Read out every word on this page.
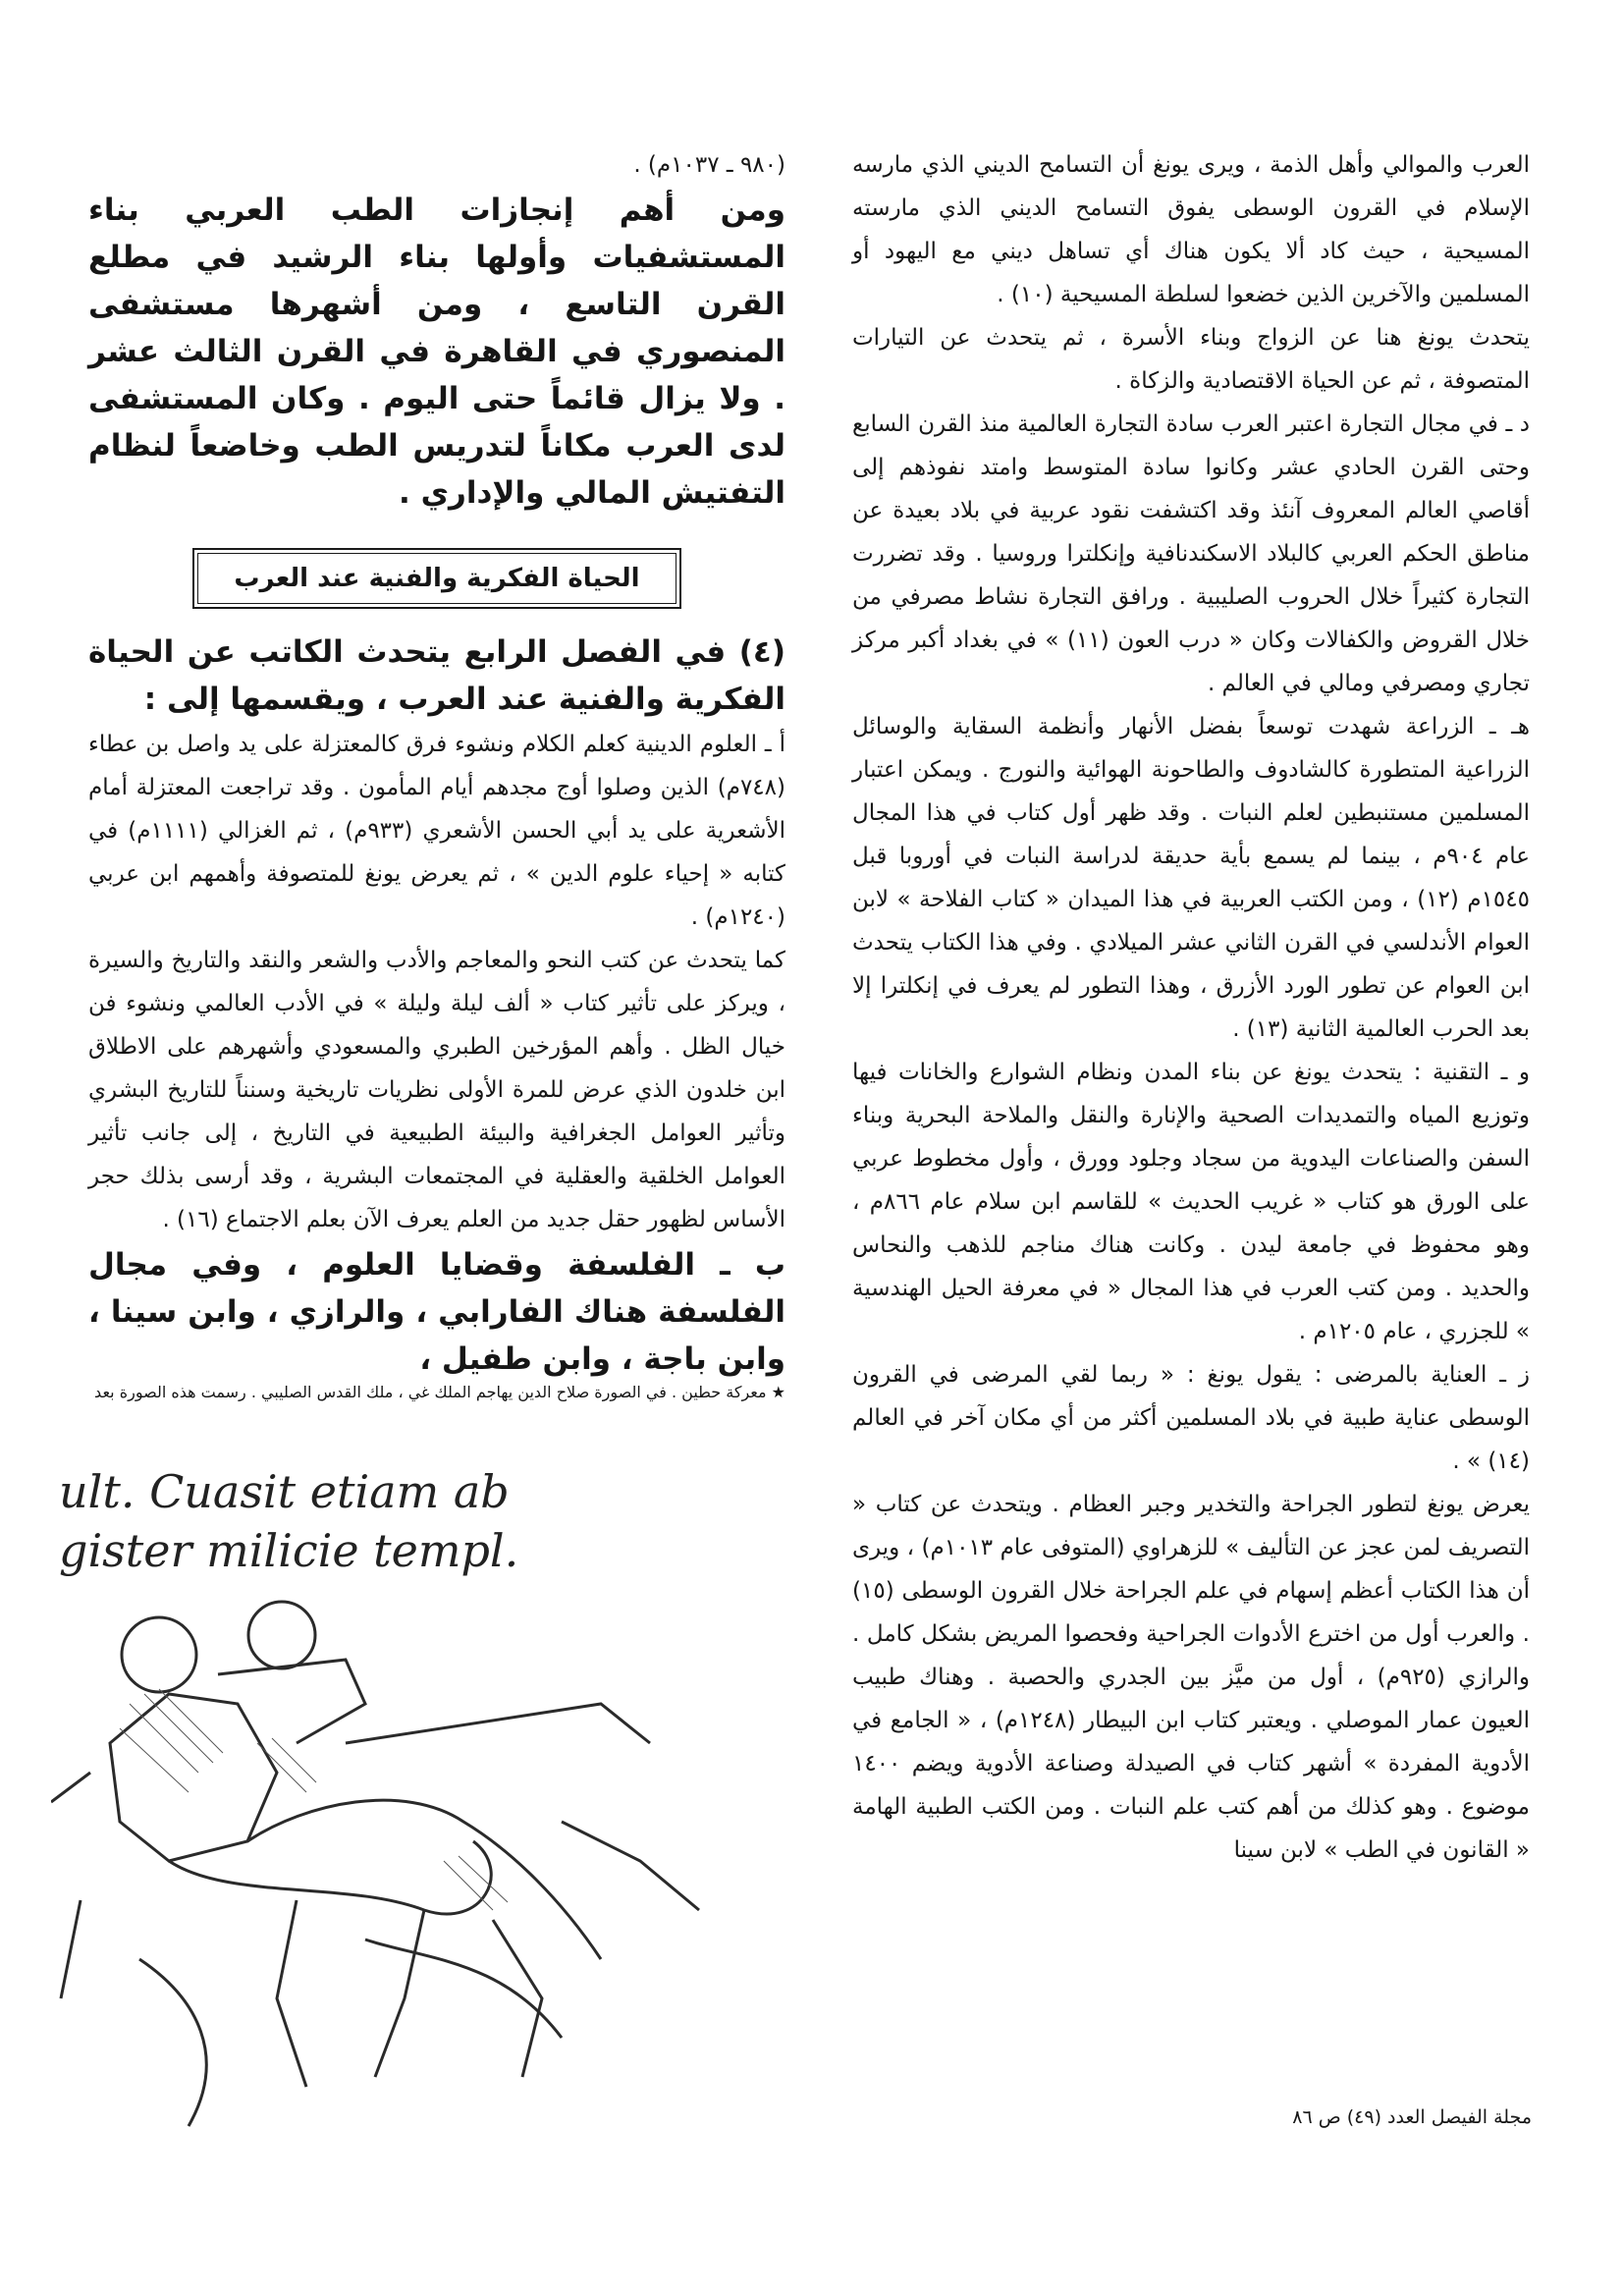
العرب والموالي وأهل الذمة ، ويرى يونغ أن التسامح الديني الذي مارسه الإسلام في القرون الوسطى يفوق التسامح الديني الذي مارسته المسيحية ، حيث كاد ألا يكون هناك أي تساهل ديني مع اليهود أو المسلمين والآخرين الذين خضعوا لسلطة المسيحية (١٠) .

يتحدث يونغ هنا عن الزواج وبناء الأسرة ، ثم يتحدث عن التيارات المتصوفة ، ثم عن الحياة الاقتصادية والزكاة .

د ـ في مجال التجارة اعتبر العرب سادة التجارة العالمية منذ القرن السابع وحتى القرن الحادي عشر وكانوا سادة المتوسط وامتد نفوذهم إلى أقاصي العالم المعروف آنئذ وقد اكتشفت نقود عربية في بلاد بعيدة عن مناطق الحكم العربي كالبلاد الاسكندنافية وإنكلترا وروسيا . وقد تضررت التجارة كثيراً خلال الحروب الصليبية . ورافق التجارة نشاط مصرفي من خلال القروض والكفالات وكان « درب العون (١١) » في بغداد أكبر مركز تجاري ومصرفي ومالي في العالم .

هـ ـ الزراعة شهدت توسعاً بفضل الأنهار وأنظمة السقاية والوسائل الزراعية المتطورة كالشادوف والطاحونة الهوائية والنورج . ويمكن اعتبار المسلمين مستنبطين لعلم النبات . وقد ظهر أول كتاب في هذا المجال عام ٩٠٤م ، بينما لم يسمع بأية حديقة لدراسة النبات في أوروبا قبل ١٥٤٥م (١٢) ، ومن الكتب العربية في هذا الميدان « كتاب الفلاحة » لابن العوام الأندلسي في القرن الثاني عشر الميلادي . وفي هذا الكتاب يتحدث ابن العوام عن تطور الورد الأزرق ، وهذا التطور لم يعرف في إنكلترا إلا بعد الحرب العالمية الثانية (١٣) .

و ـ التقنية : يتحدث يونغ عن بناء المدن ونظام الشوارع والخانات فيها وتوزيع المياه والتمديدات الصحية والإنارة والنقل والملاحة البحرية وبناء السفن والصناعات اليدوية من سجاد وجلود وورق ، وأول مخطوط عربي على الورق هو كتاب « غريب الحديث » للقاسم ابن سلام عام ٨٦٦م ، وهو محفوظ في جامعة ليدن . وكانت هناك مناجم للذهب والنحاس والحديد . ومن كتب العرب في هذا المجال « في معرفة الحيل الهندسية » للجزري ، عام ١٢٠٥م .

ز ـ العناية بالمرضى : يقول يونغ : « ربما لقي المرضى في القرون الوسطى عناية طبية في بلاد المسلمين أكثر من أي مكان آخر في العالم (١٤) » .

يعرض يونغ لتطور الجراحة والتخدير وجبر العظام . ويتحدث عن كتاب « التصريف لمن عجز عن التأليف » للزهراوي (المتوفى عام ١٠١٣م) ، ويرى أن هذا الكتاب أعظم إسهام في علم الجراحة خلال القرون الوسطى (١٥) . والعرب أول من اخترع الأدوات الجراحية وفحصوا المريض بشكل كامل . والرازي (٩٢٥م) ، أول من ميَّز بين الجدري والحصبة . وهناك طبيب العيون عمار الموصلي . ويعتبر كتاب ابن البيطار (١٢٤٨م) ، « الجامع في الأدوية المفردة » أشهر كتاب في الصيدلة وصناعة الأدوية ويضم ١٤٠٠ موضوع . وهو كذلك من أهم كتب علم النبات . ومن الكتب الطبية الهامة « القانون في الطب » لابن سينا

(٩٨٠ ـ ١٠٣٧م) .

ومن أهم إنجازات الطب العربي بناء المستشفيات وأولها بناء الرشيد في مطلع القرن التاسع ، ومن أشهرها مستشفى المنصوري في القاهرة في القرن الثالث عشر . ولا يزال قائماً حتى اليوم . وكان المستشفى لدى العرب مكاناً لتدريس الطب وخاضعاً لنظام التفتيش المالي والإداري .

الحياة الفكرية والفنية عند العرب

(٤) في الفصل الرابع يتحدث الكاتب عن الحياة الفكرية والفنية عند العرب ، ويقسمها إلى :

أ ـ العلوم الدينية كعلم الكلام ونشوء فرق كالمعتزلة على يد واصل بن عطاء (٧٤٨م) الذين وصلوا أوج مجدهم أيام المأمون . وقد تراجعت المعتزلة أمام الأشعرية على يد أبي الحسن الأشعري (٩٣٣م) ، ثم الغزالي (١١١١م) في كتابه « إحياء علوم الدين » ، ثم يعرض يونغ للمتصوفة وأهمهم ابن عربي (١٢٤٠م) .

كما يتحدث عن كتب النحو والمعاجم والأدب والشعر والنقد والتاريخ والسيرة ، ويركز على تأثير كتاب « ألف ليلة وليلة » في الأدب العالمي ونشوء فن خيال الظل . وأهم المؤرخين الطبري والمسعودي وأشهرهم على الاطلاق ابن خلدون الذي عرض للمرة الأولى نظريات تاريخية وسنناً للتاريخ البشري وتأثير العوامل الجغرافية والبيئة الطبيعية في التاريخ ، إلى جانب تأثير العوامل الخلقية والعقلية في المجتمعات البشرية ، وقد أرسى بذلك حجر الأساس لظهور حقل جديد من العلم يعرف الآن بعلم الاجتماع (١٦) .

ب ـ الفلسفة وقضايا العلوم ، وفي مجال الفلسفة هناك الفارابي ، والرازي ، وابن سينا ، وابن باجة ، وابن طفيل ،

★ معركة حطين . في الصورة صلاح الدين يهاجم الملك غي ، ملك القدس الصليبي . رسمت هذه الصورة بعد
ult. Cuasit etiam ab
gister milicie templ.
مجلة الفيصل العدد (٤٩) ص ٨٦
